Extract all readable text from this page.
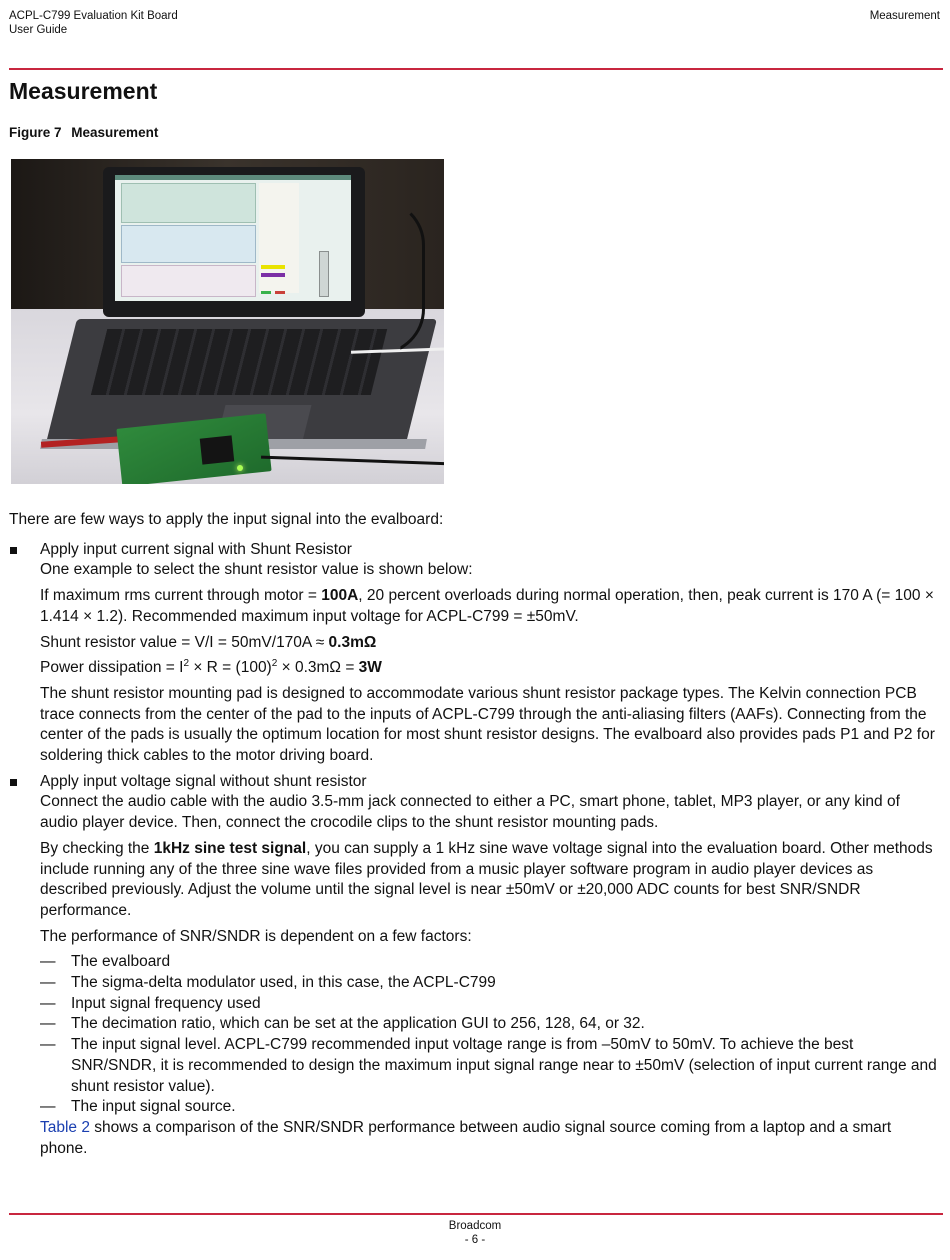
ACPL-C799 Evaluation Kit Board
User Guide
Measurement
Measurement
Figure 7 Measurement

There are few ways to apply the input signal into the evalboard:

Apply input current signal with Shunt Resistor

One example to select the shunt resistor value is shown below:

If maximum rms current through motor = 100A, 20 percent overloads during normal operation, then, peak current is 170 A (= 100 × 1.414 × 1.2). Recommended maximum input voltage for ACPL-C799 = ±50mV.

Shunt resistor value = V/I = 50mV/170A ≈ 0.3mΩ

Power dissipation = $I^2 \times R = (100)^2 \times 0.3m\Omega = 3W$

The shunt resistor mounting pad is designed to accommodate various shunt resistor package types. The Kelvin connection PCB trace connects from the center of the pad to the inputs of ACPL-C799 through the anti-aliasing filters (AAFs). Connecting from the center of the pads is usually the optimum location for most shunt resistor designs. The evalboard also provides pads P1 and P2 for soldering thick cables to the motor driving board.

Apply input voltage signal without shunt resistor

Connect the audio cable with the audio 3.5-mm jack connected to either a PC, smart phone, tablet, MP3 player, or any kind of audio player device. Then, connect the crocodile clips to the shunt resistor mounting pads.

By checking the 1kHz sine test signal, you can supply a 1 kHz sine wave voltage signal into the evaluation board. Other methods include running any of the three sine wave files provided from a music player software program in audio player devices as described previously. Adjust the volume until the signal level is near ±50mV or ±20,000 ADC counts for best SNR/SNDR performance.

The performance of SNR/SNDR is dependent on a few factors:

— The evalboard

— The sigma-delta modulator used, in this case, the ACPL-C799

— Input signal frequency used

— The decimation ratio, which can be set at the application GUI to 256, 128, 64, or 32.

— The input signal level. ACPL-C799 recommended input voltage range is from –50mV to 50mV. To achieve the best SNR/SNDR, it is recommended to design the maximum input signal range near to ±50mV (selection of input current range and shunt resistor value).

— The input signal source.

Table 2 shows a comparison of the SNR/SNDR performance between audio signal source coming from a laptop and a smart phone.

Broadcom
- 6 -
